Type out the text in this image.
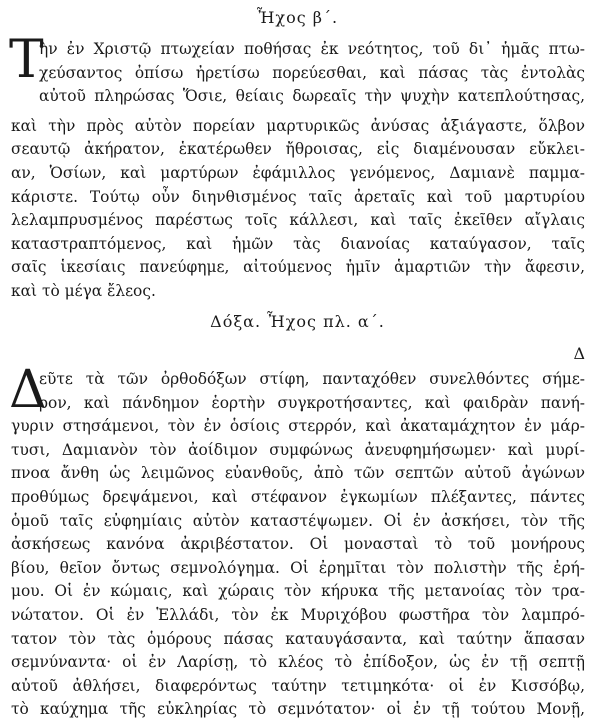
Ἦχος β΄.
Τ
ὴν ἐν Χριστῷ πτωχείαν ποθήσας ἐκ νεότητος, τοῦ δι᾿ ἡμᾶς πτω-
χεύσαντος ὀπίσω ἠρετίσω πορεύεσθαι, καὶ πάσας τὰς ἐντολὰς
αὐτοῦ πληρώσας Ὅσιε, θείαις δωρεαῖς τὴν ψυχὴν κατεπλούτησας,
καὶ τὴν πρὸς αὐτὸν πορείαν μαρτυρικῶς ἀνύσας ἀξιάγαστε, ὅλβον
σεαυτῷ ἀκήρατον, ἑκατέρωθεν ἤθροισας, εἰς διαμένουσαν εὔκλει-
αν, Ὁσίων, καὶ μαρτύρων ἐφάμιλλος γενόμενος, Δαμιανὲ παμμα-
κάριστε. Τούτῳ οὖν διηνθισμένος ταῖς ἀρεταῖς καὶ τοῦ μαρτυρίου
λελαμπρυσμένος παρέστως τοῖς κάλλεσι, καὶ ταῖς ἐκεῖθεν αἴγλαις
καταστραπτόμενος, καὶ ἡμῶν τὰς διανοίας καταύγασον, ταῖς
σαῖς ἱκεσίαις πανεύφημε, αἰτούμενος ἡμῖν ἁμαρτιῶν τὴν ἄφεσιν,
καὶ τὸ μέγα ἔλεος.
Δόξα. Ἦχος πλ. α΄.
Δ
Δ
εῦτε τὰ τῶν ὀρθοδόξων στίφη, πανταχόθεν συνελθόντες σήμε-
ρον, καὶ πάνδημον ἑορτὴν συγκροτήσαντες, καὶ φαιδρὰν πανή-
γυριν στησάμενοι, τὸν ἐν ὁσίοις στερρόν, καὶ ἀκαταμάχητον ἐν μάρ-
τυσι, Δαμιανὸν τὸν ἀοίδιμον συμφώνως ἀνευφημήσωμεν· καὶ μυρί-
πνοα ἄνθη ὡς λειμῶνος εὐανθοῦς, ἀπὸ τῶν σεπτῶν αὐτοῦ ἀγώνων
προθύμως δρεψάμενοι, καὶ στέφανον ἐγκωμίων πλέξαντες, πάντες
ὁμοῦ ταῖς εὐφημίαις αὐτὸν καταστέψωμεν. Οἱ ἐν ἀσκήσει, τὸν τῆς
ἀσκήσεως κανόνα ἀκριβέστατον. Οἱ μονασταὶ τὸ τοῦ μονήρους
βίου, θεῖον ὄντως σεμνολόγημα. Οἱ ἐρημῖται τὸν πολιστὴν τῆς ἐρή-
μου. Οἱ ἐν κώμαις, καὶ χώραις τὸν κήρυκα τῆς μετανοίας τὸν τρα-
νώτατον. Οἱ ἐν Ἑλλάδι, τὸν ἐκ Μυριχόβου φωστῆρα τὸν λαμπρό-
τατον τὸν τὰς ὁμόρους πάσας καταυγάσαντα, καὶ ταύτην ἅπασαν
σεμνύναντα· οἱ ἐν Λαρίσῃ, τὸ κλέος τὸ ἐπίδοξον, ὡς ἐν τῇ σεπτῇ
αὐτοῦ ἀθλήσει, διαφερόντως ταύτην τετιμηκότα· οἱ ἐν Κισσόβῳ,
τὸ καύχημα τῆς εὐκληρίας τὸ σεμνότατον· οἱ ἐν τῇ τούτου Μονῇ,
